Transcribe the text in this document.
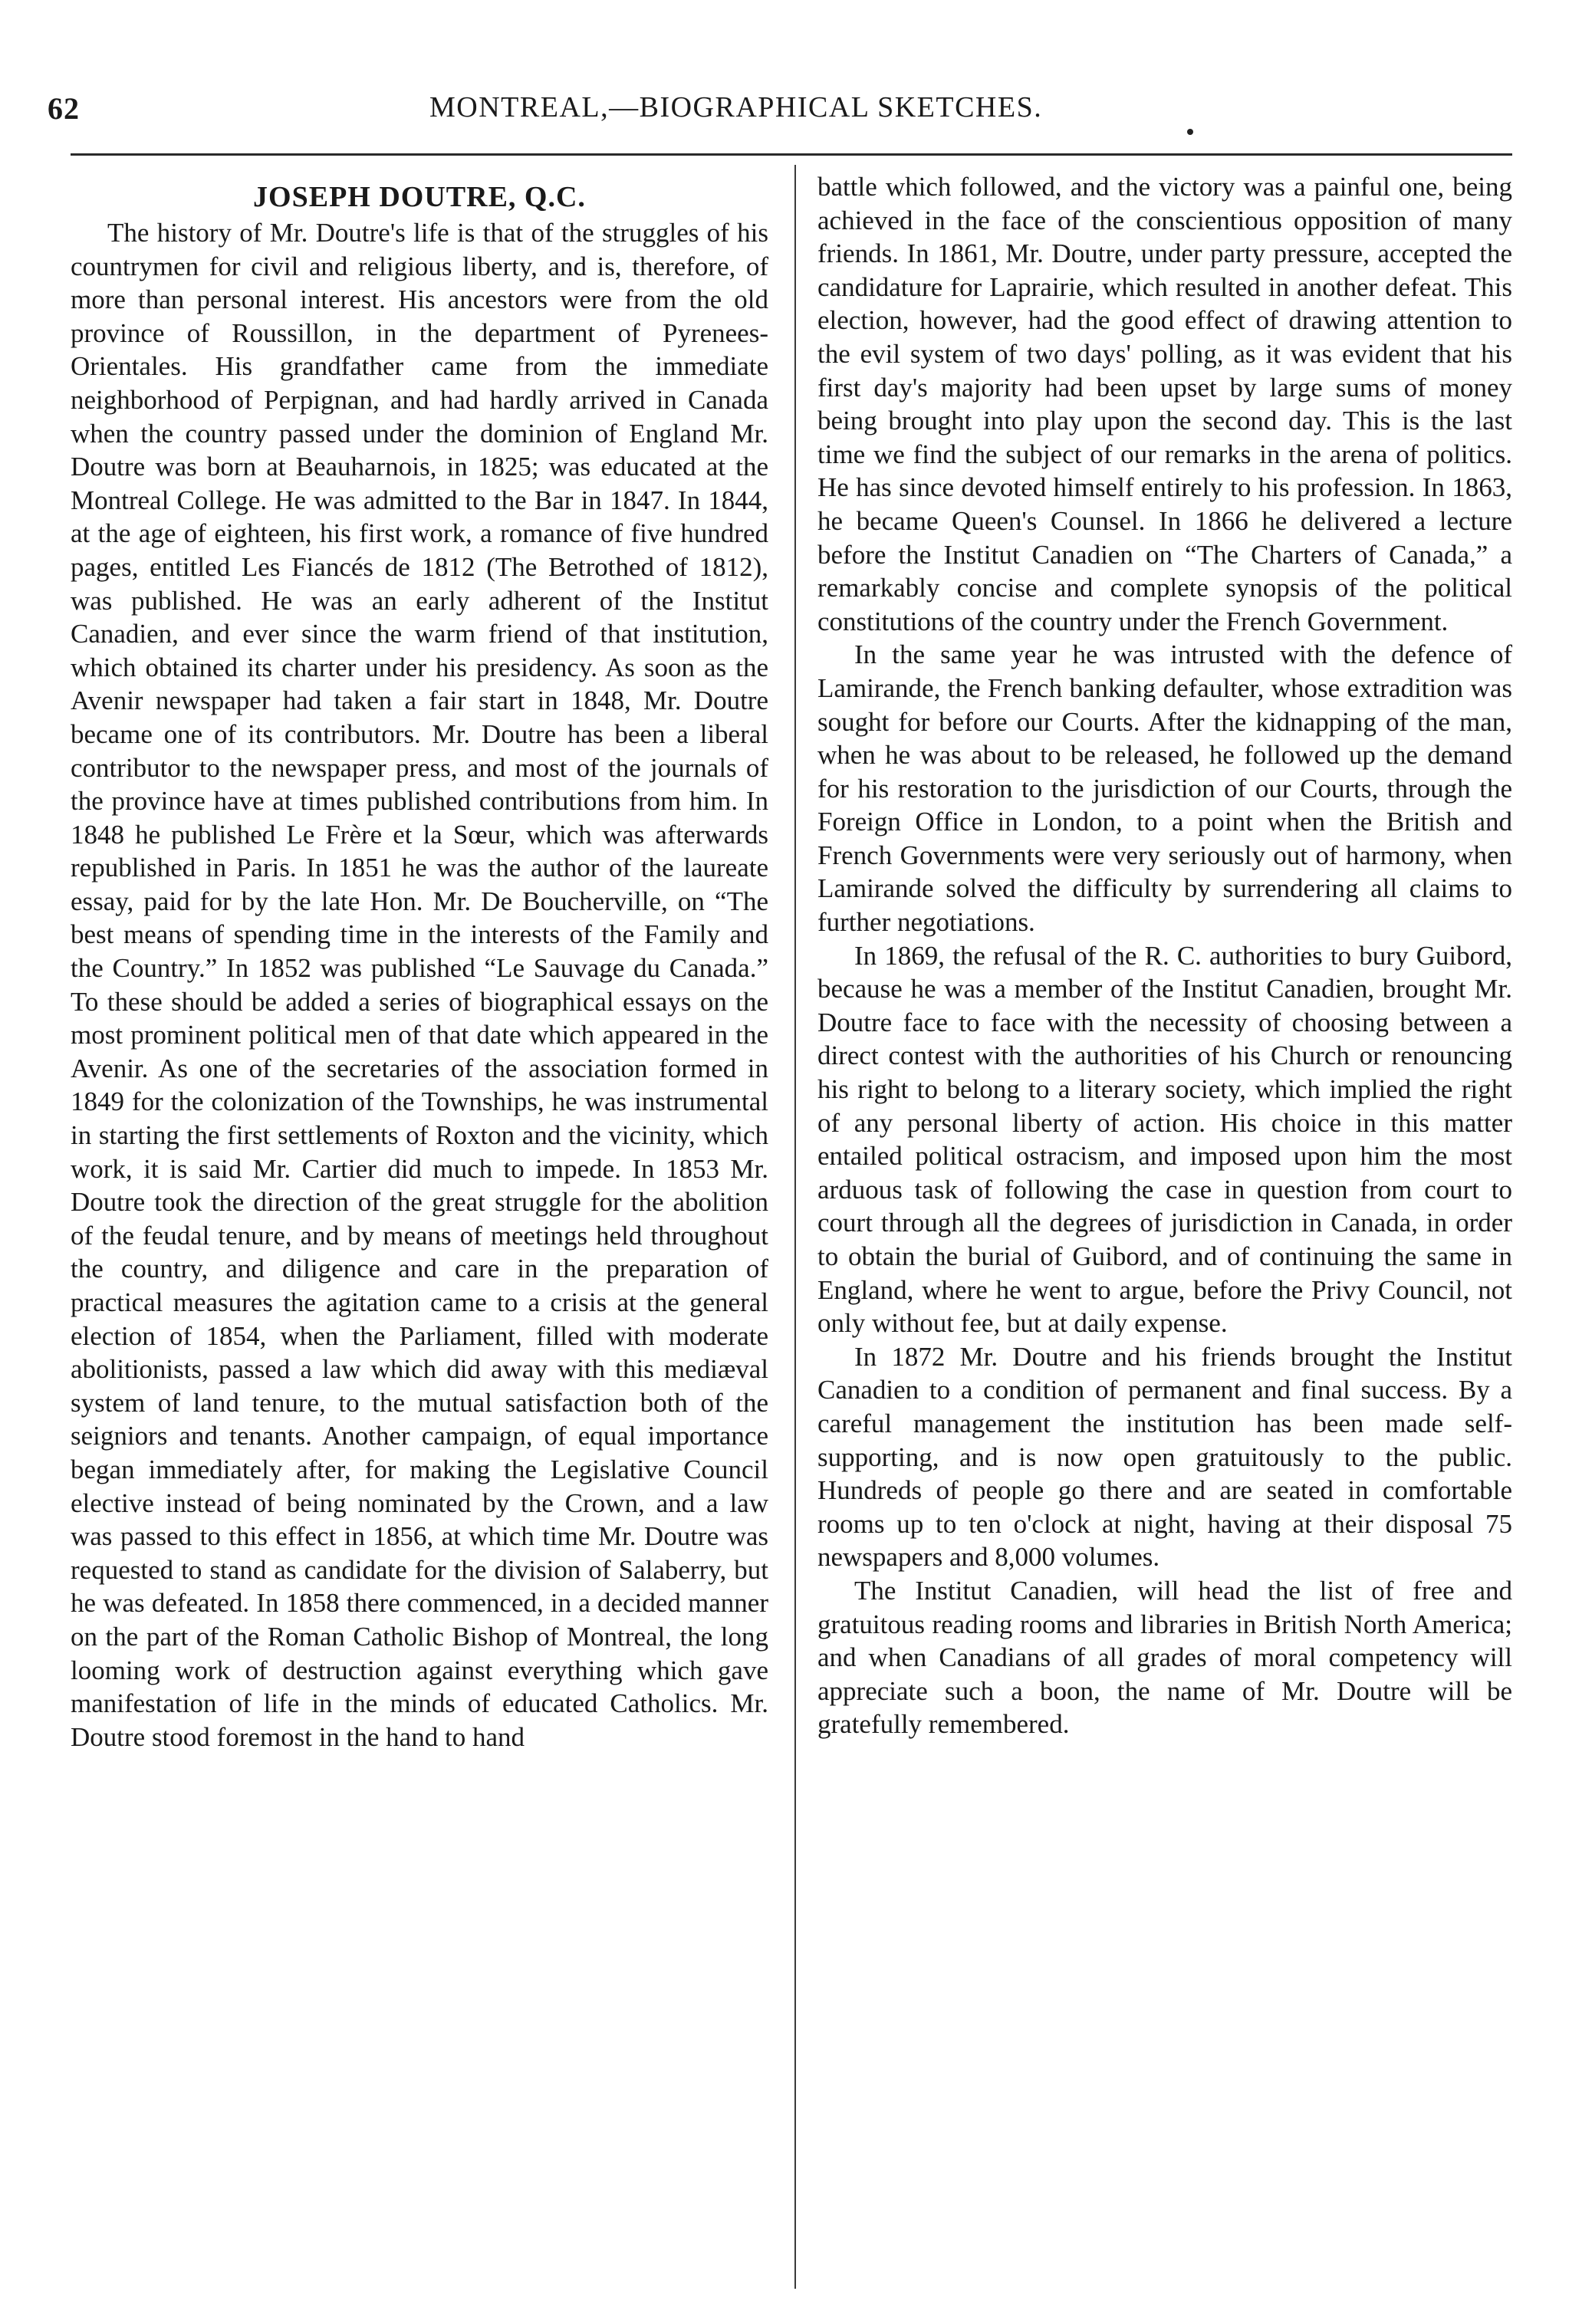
62	MONTREAL,—BIOGRAPHICAL SKETCHES.
JOSEPH DOUTRE, Q.C.

The history of Mr. Doutre's life is that of the struggles of his countrymen for civil and religious liberty, and is, therefore, of more than personal interest. His ancestors were from the old province of Roussillon, in the department of Pyrenees-Orientales. His grandfather came from the immediate neighborhood of Perpignan, and had hardly arrived in Canada when the country passed under the dominion of England Mr. Doutre was born at Beauharnois, in 1825; was educated at the Montreal College. He was admitted to the Bar in 1847. In 1844, at the age of eighteen, his first work, a romance of five hundred pages, entitled Les Fiancés de 1812 (The Betrothed of 1812), was published. He was an early adherent of the Institut Canadien, and ever since the warm friend of that institution, which obtained its charter under his presidency. As soon as the Avenir newspaper had taken a fair start in 1848, Mr. Doutre became one of its contributors. Mr. Doutre has been a liberal contributor to the newspaper press, and most of the journals of the province have at times published contributions from him. In 1848 he published Le Frère et la Sœur, which was afterwards republished in Paris. In 1851 he was the author of the laureate essay, paid for by the late Hon. Mr. De Boucherville, on “The best means of spending time in the interests of the Family and the Country.” In 1852 was published “Le Sauvage du Canada.” To these should be added a series of biographical essays on the most prominent political men of that date which appeared in the Avenir. As one of the secretaries of the association formed in 1849 for the colonization of the Townships, he was instrumental in starting the first settlements of Roxton and the vicinity, which work, it is said Mr. Cartier did much to impede. In 1853 Mr. Doutre took the direction of the great struggle for the abolition of the feudal tenure, and by means of meetings held throughout the country, and diligence and care in the preparation of practical measures the agitation came to a crisis at the general election of 1854, when the Parliament, filled with moderate abolitionists, passed a law which did away with this mediæval system of land tenure, to the mutual satisfaction both of the seigniors and tenants. Another campaign, of equal importance began immediately after, for making the Legislative Council elective instead of being nominated by the Crown, and a law was passed to this effect in 1856, at which time Mr. Doutre was requested to stand as candidate for the division of Salaberry, but he was defeated. In 1858 there commenced, in a decided manner on the part of the Roman Catholic Bishop of Montreal, the long looming work of destruction against everything which gave manifestation of life in the minds of educated Catholics. Mr. Doutre stood foremost in the hand to hand

battle which followed, and the victory was a painful one, being achieved in the face of the conscientious opposition of many friends. In 1861, Mr. Doutre, under party pressure, accepted the candidature for Laprairie, which resulted in another defeat. This election, however, had the good effect of drawing attention to the evil system of two days' polling, as it was evident that his first day's majority had been upset by large sums of money being brought into play upon the second day. This is the last time we find the subject of our remarks in the arena of politics. He has since devoted himself entirely to his profession. In 1863, he became Queen's Counsel. In 1866 he delivered a lecture before the Institut Canadien on “The Charters of Canada,” a remarkably concise and complete synopsis of the political constitutions of the country under the French Government.

In the same year he was intrusted with the defence of Lamirande, the French banking defaulter, whose extradition was sought for before our Courts. After the kidnapping of the man, when he was about to be released, he followed up the demand for his restoration to the jurisdiction of our Courts, through the Foreign Office in London, to a point when the British and French Governments were very seriously out of harmony, when Lamirande solved the difficulty by surrendering all claims to further negotiations.

In 1869, the refusal of the R. C. authorities to bury Guibord, because he was a member of the Institut Canadien, brought Mr. Doutre face to face with the necessity of choosing between a direct contest with the authorities of his Church or renouncing his right to belong to a literary society, which implied the right of any personal liberty of action. His choice in this matter entailed political ostracism, and imposed upon him the most arduous task of following the case in question from court to court through all the degrees of jurisdiction in Canada, in order to obtain the burial of Guibord, and of continuing the same in England, where he went to argue, before the Privy Council, not only without fee, but at daily expense.

In 1872 Mr. Doutre and his friends brought the Institut Canadien to a condition of permanent and final success. By a careful management the institution has been made self-supporting, and is now open gratuitously to the public. Hundreds of people go there and are seated in comfortable rooms up to ten o'clock at night, having at their disposal 75 newspapers and 8,000 volumes.

The Institut Canadien, will head the list of free and gratuitous reading rooms and libraries in British North America; and when Canadians of all grades of moral competency will appreciate such a boon, the name of Mr. Doutre will be gratefully remembered.
